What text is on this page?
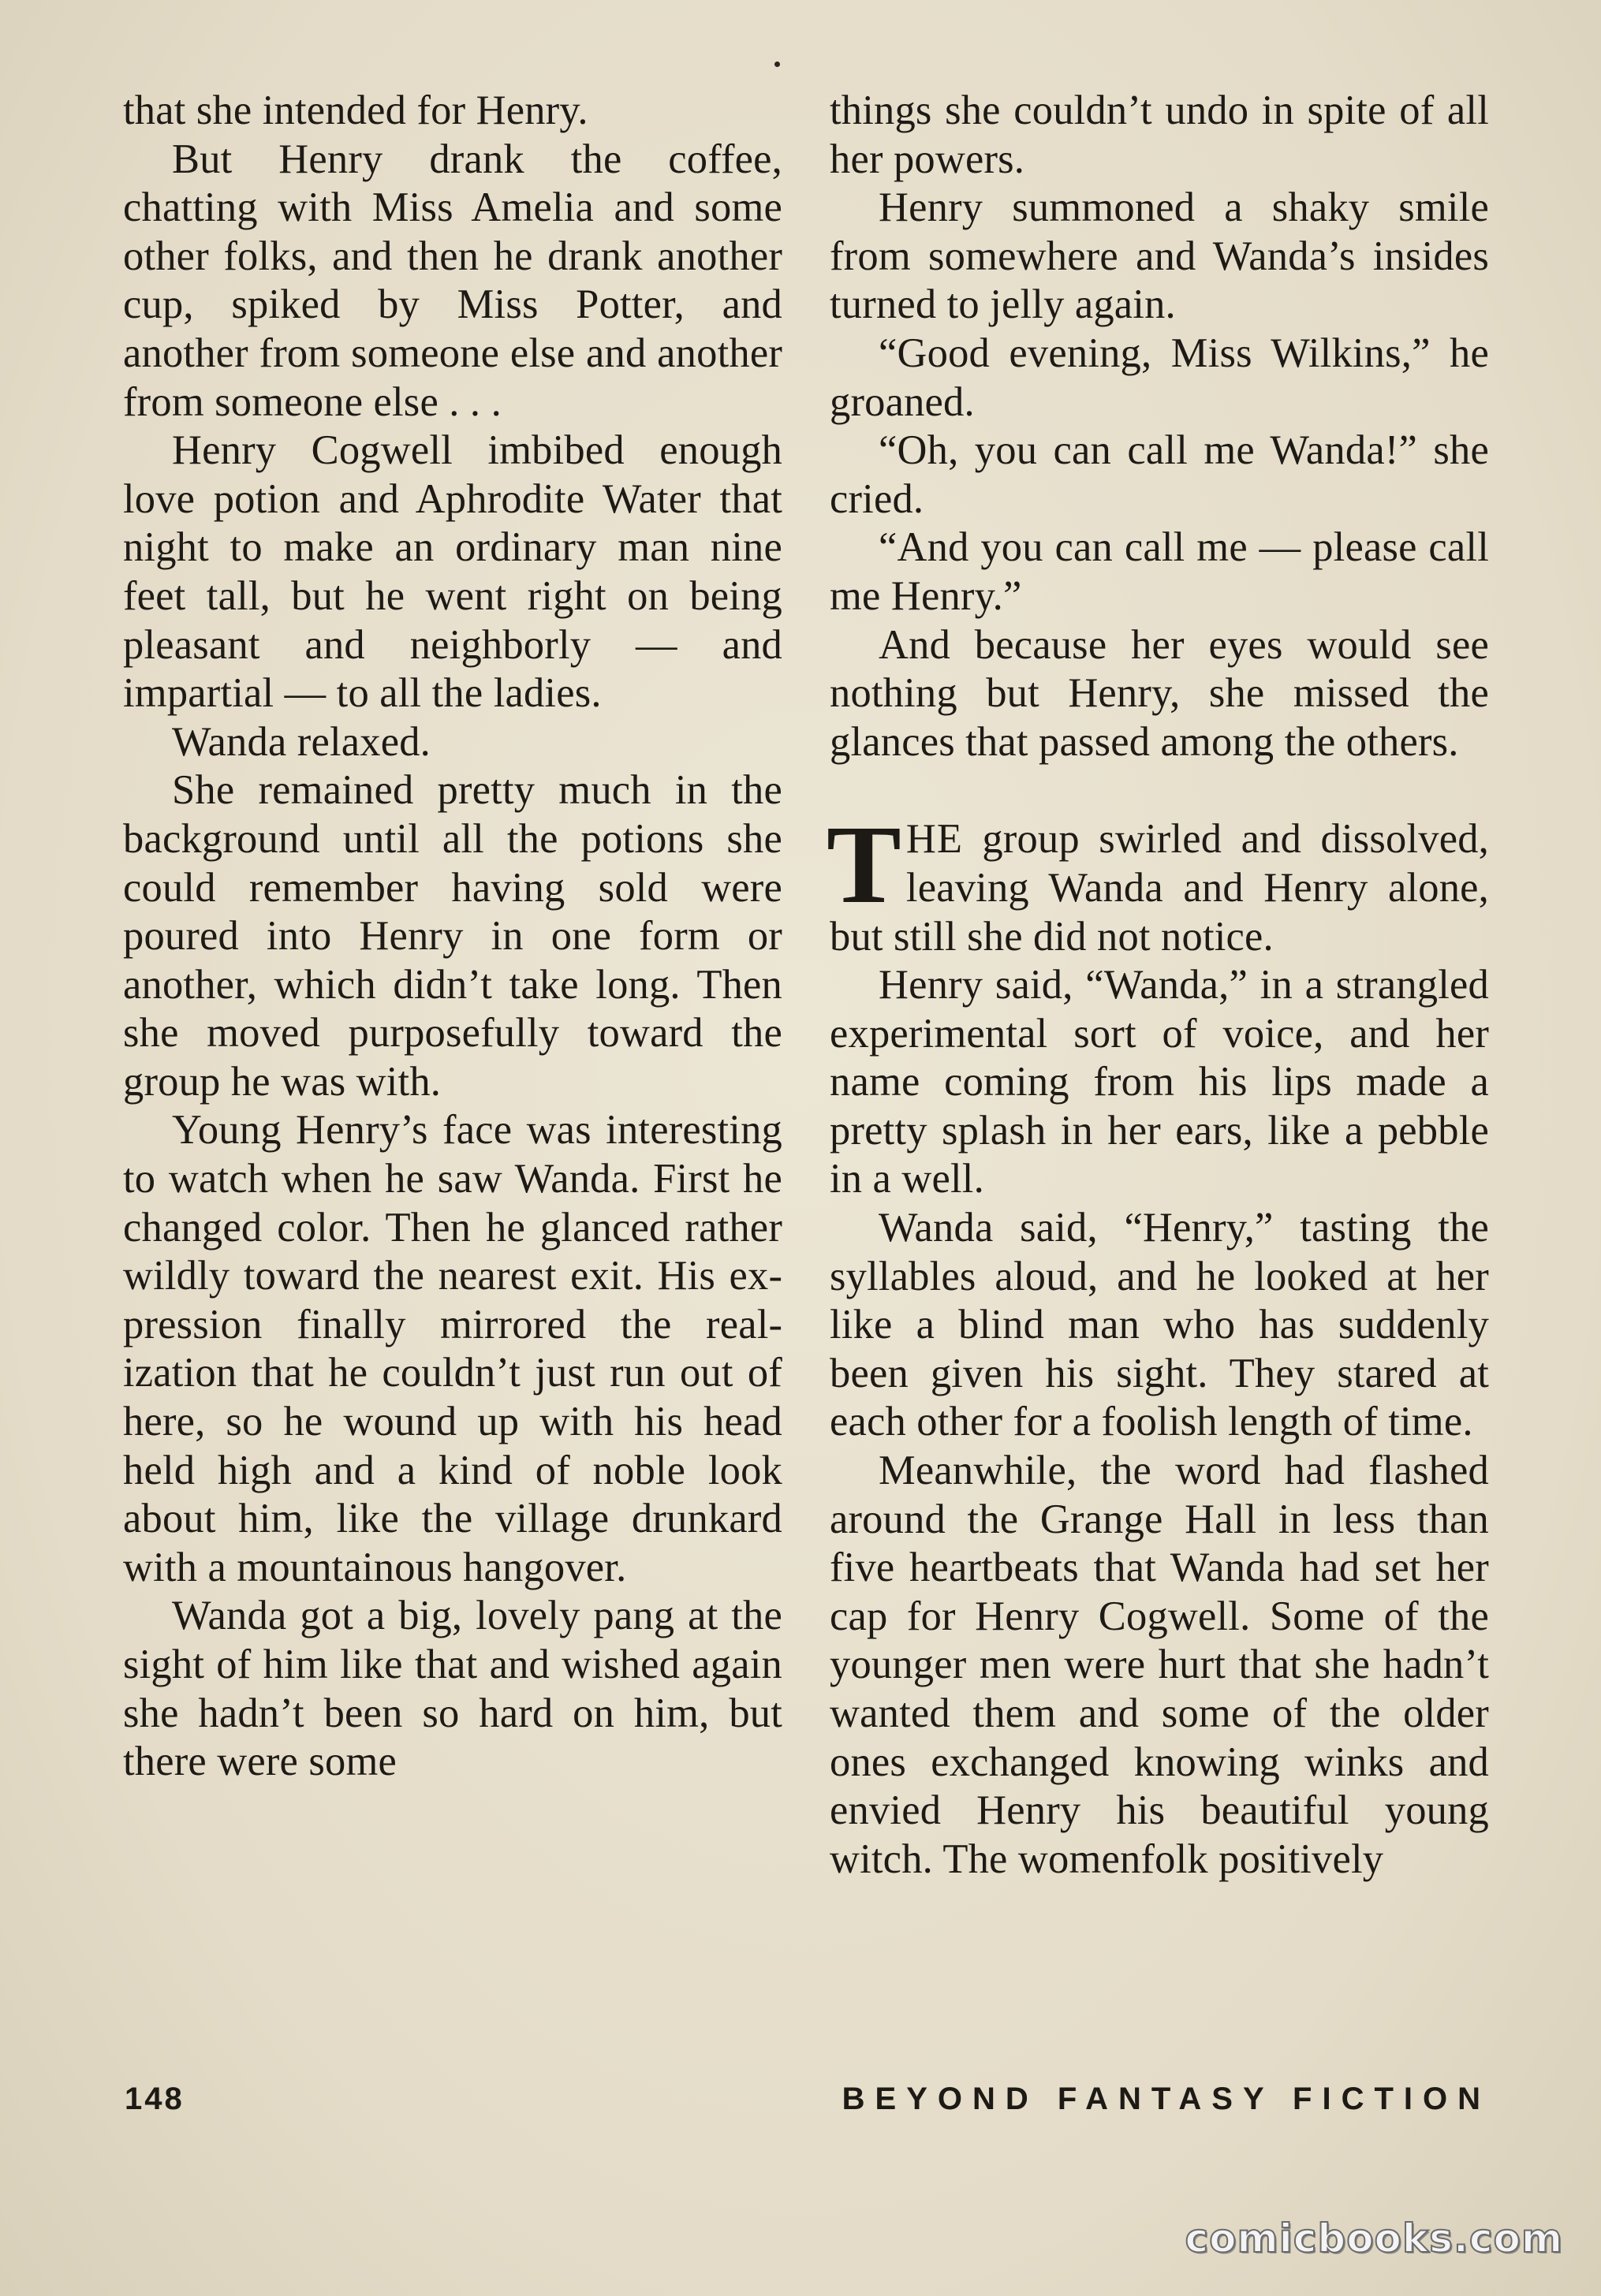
that she intended for Henry.

But Henry drank the coffee, chatting with Miss Amelia and some other folks, and then he drank another cup, spiked by Miss Potter, and another from someone else and another from someone else . . .

Henry Cogwell imbibed enough love potion and Aphrodite Water that night to make an ordinary man nine feet tall, but he went right on being pleasant and neighborly — and impartial — to all the ladies.

Wanda relaxed.

She remained pretty much in the background until all the potions she could remember having sold were poured into Henry in one form or another, which didn’t take long. Then she moved purposefully toward the group he was with.

Young Henry’s face was interesting to watch when he saw Wanda. First he changed color. Then he glanced rather wildly toward the nearest exit. His expression finally mirrored the realization that he couldn’t just run out of here, so he wound up with his head held high and a kind of noble look about him, like the village drunkard with a mountainous hangover.

Wanda got a big, lovely pang at the sight of him like that and wished again she hadn’t been so hard on him, but there were some

things she couldn’t undo in spite of all her powers.

Henry summoned a shaky smile from somewhere and Wanda’s insides turned to jelly again.

“Good evening, Miss Wilkins,” he groaned.

“Oh, you can call me Wanda!” she cried.

“And you can call me — please call me Henry.”

And because her eyes would see nothing but Henry, she missed the glances that passed among the others.

THE group swirled and dissolved, leaving Wanda and Henry alone, but still she did not notice.

Henry said, “Wanda,” in a strangled experimental sort of voice, and her name coming from his lips made a pretty splash in her ears, like a pebble in a well.

Wanda said, “Henry,” tasting the syllables aloud, and he looked at her like a blind man who has suddenly been given his sight. They stared at each other for a foolish length of time.

Meanwhile, the word had flashed around the Grange Hall in less than five heartbeats that Wanda had set her cap for Henry Cogwell. Some of the younger men were hurt that she hadn’t wanted them and some of the older ones exchanged knowing winks and envied Henry his beautiful young witch. The womenfolk positively

148	BEYOND FANTASY FICTION
comicbooks.com
